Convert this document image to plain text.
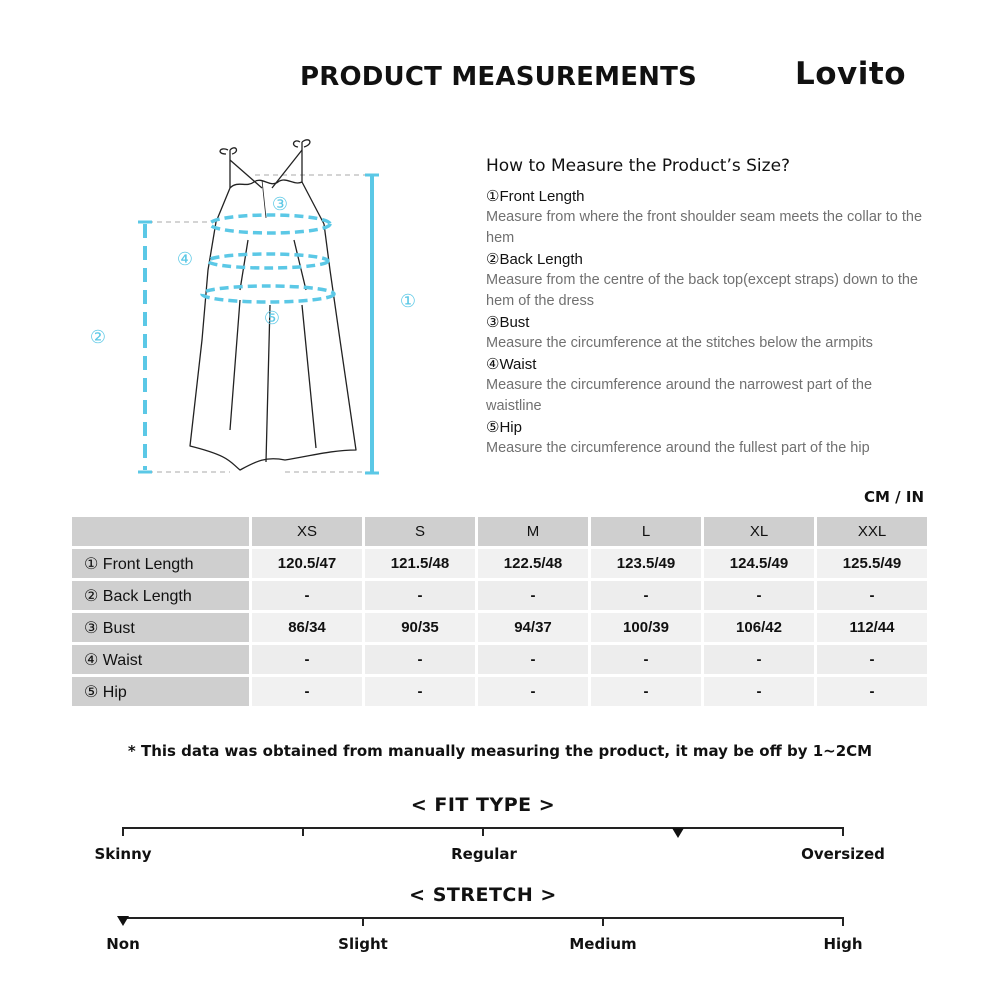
PRODUCT MEASUREMENTS	Lovito
①
②
③
④
⑤
How to Measure the Product’s Size?
①Front Length
Measure from where the front shoulder seam meets the collar to the hem
②Back Length
Measure from the centre of the back top(except straps) down to the hem of the dress
③Bust
Measure the circumference at the stitches below the armpits
④Waist
Measure the circumference around the narrowest part of the waistline
⑤Hip
Measure the circumference around the fullest part of the hip
CM / IN
	XS	S	M	L	XL	XXL
① Front Length	120.5/47	121.5/48	122.5/48	123.5/49	124.5/49	125.5/49
② Back Length	-	-	-	-	-	-
③ Bust	86/34	90/35	94/37	100/39	106/42	112/44
④ Waist	-	-	-	-	-	-
⑤ Hip	-	-	-	-	-	-
* This data was obtained from manually measuring the product, it may be off by 1~2CM
< FIT TYPE >
Skinny	Regular	Oversized
< STRETCH >
Non	Slight	Medium	High
